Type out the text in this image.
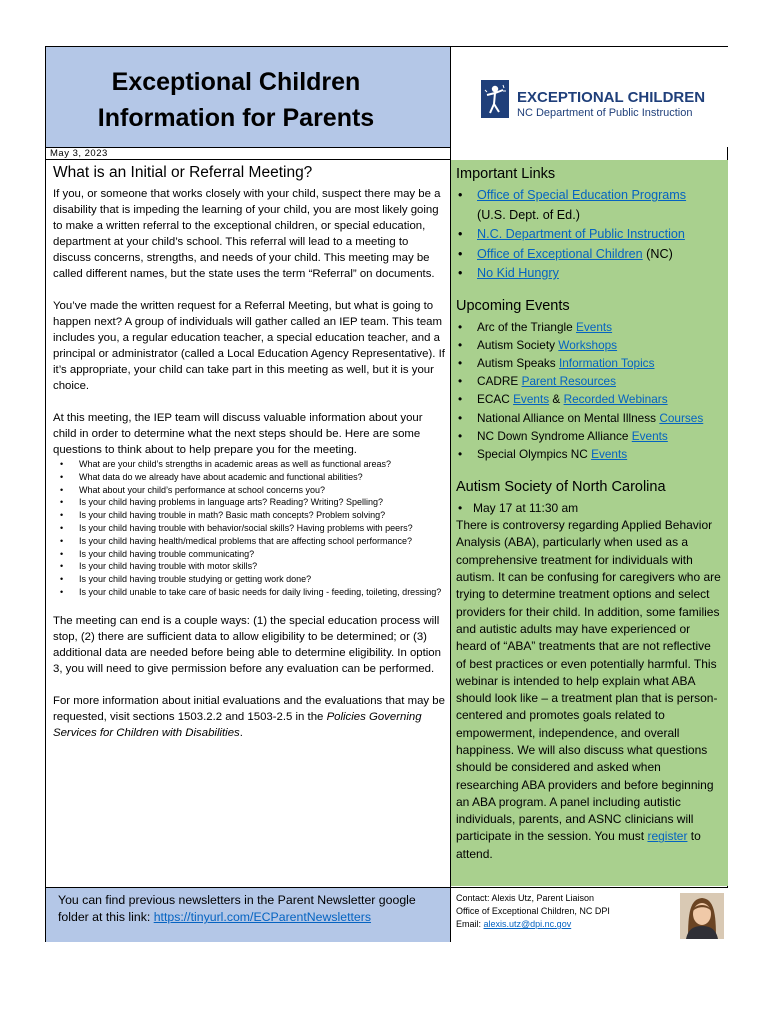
Exceptional Children
Information for Parents
EXCEPTIONAL CHILDREN
NC Department of Public Instruction
May 3, 2023
What is an Initial or Referral Meeting?

If you, or someone that works closely with your child, suspect there may be a disability that is impeding the learning of your child, you are most likely going to make a written referral to the exceptional children, or special education, department at your child’s school. This referral will lead to a meeting to discuss concerns, strengths, and needs of your child. This meeting may be called different names, but the state uses the term “Referral” on documents.

You’ve made the written request for a Referral Meeting, but what is going to happen next? A group of individuals will gather called an IEP team. This team includes you, a regular education teacher, a special education teacher, and a principal or administrator (called a Local Education Agency Representative). If it’s appropriate, your child can take part in this meeting as well, but it is your choice.

At this meeting, the IEP team will discuss valuable information about your child in order to determine what the next steps should be. Here are some questions to think about to help prepare you for the meeting.

• What are your child’s strengths in academic areas as well as functional areas?
• What data do we already have about academic and functional abilities?
• What about your child’s performance at school concerns you?
• Is your child having problems in language arts? Reading? Writing? Spelling?
• Is your child having trouble in math? Basic math concepts? Problem solving?
• Is your child having trouble with behavior/social skills? Having problems with peers?
• Is your child having health/medical problems that are affecting school performance?
• Is your child having trouble communicating?
• Is your child having trouble with motor skills?
• Is your child having trouble studying or getting work done?
• Is your child unable to take care of basic needs for daily living - feeding, toileting, dressing?

The meeting can end is a couple ways: (1) the special education process will stop, (2) there are sufficient data to allow eligibility to be determined; or (3) additional data are needed before being able to determine eligibility. In option 3, you will need to give permission before any evaluation can be performed.

For more information about initial evaluations and the evaluations that may be requested, visit sections 1503.2.2 and 1503-2.5 in the Policies Governing Services for Children with Disabilities.

Important Links
• Office of Special Education Programs
(U.S. Dept. of Ed.)
• N.C. Department of Public Instruction
• Office of Exceptional Children (NC)
• No Kid Hungry
Upcoming Events
• Arc of the Triangle Events
• Autism Society Workshops
• Autism Speaks Information Topics
• CADRE Parent Resources
• ECAC Events & Recorded Webinars
• National Alliance on Mental Illness Courses
• NC Down Syndrome Alliance Events
• Special Olympics NC Events
Autism Society of North Carolina
• May 17 at 11:30 am
There is controversy regarding Applied Behavior Analysis (ABA), particularly when used as a comprehensive treatment for individuals with autism. It can be confusing for caregivers who are trying to determine treatment options and select providers for their child. In addition, some families and autistic adults may have experienced or heard of “ABA” treatments that are not reflective of best practices or even potentially harmful. This webinar is intended to help explain what ABA should look like – a treatment plan that is person-centered and promotes goals related to empowerment, independence, and overall happiness. We will also discuss what questions should be considered and asked when researching ABA providers and before beginning an ABA program. A panel including autistic individuals, parents, and ASNC clinicians will participate in the session. You must register to attend.
You can find previous newsletters in the Parent Newsletter google folder at this link: https://tinyurl.com/ECParentNewsletters
Contact: Alexis Utz, Parent Liaison
Office of Exceptional Children, NC DPI
Email: alexis.utz@dpi.nc.gov
